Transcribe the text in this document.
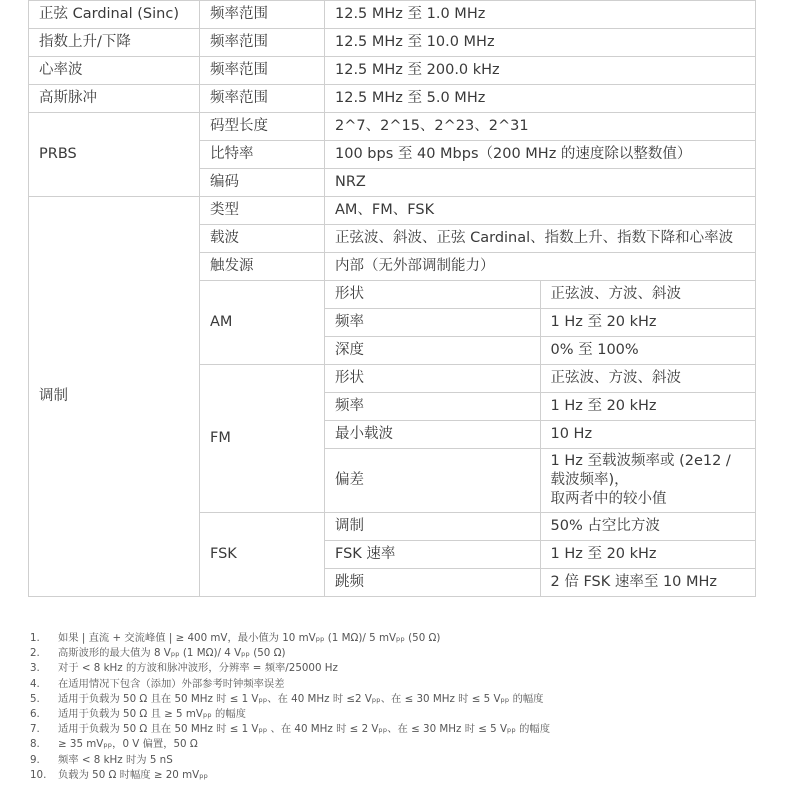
正弦 Cardinal (Sinc)	频率范围	12.5 MHz 至 1.0 MHz	
指数上升/下降	频率范围	12.5 MHz 至 10.0 MHz	
心率波	频率范围	12.5 MHz 至 200.0 kHz	
高斯脉冲	频率范围	12.5 MHz 至 5.0 MHz	
PRBS	码型长度	2^7、2^15、2^23、2^31	
	比特率	100 bps 至 40 Mbps（200 MHz 的速度除以整数值）	
	编码	NRZ	
调制	类型	AM、FM、FSK	
	载波	正弦波、斜波、正弦 Cardinal、指数上升、指数下降和心率波	
	触发源	内部（无外部调制能力）	
	AM	形状	正弦波、方波、斜波
		频率	1 Hz 至 20 kHz
		深度	0% 至 100%
	FM	形状	正弦波、方波、斜波
		频率	1 Hz 至 20 kHz
		最小载波	10 Hz
		偏差	1 Hz 至载波频率或 (2e12 / 载波频率)，
取两者中的较小值

	FSK	调制	50% 占空比方波
		FSK 速率	1 Hz 至 20 kHz
		跳频	2 倍 FSK 速率至 10 MHz
1.	如果 | 直流 + 交流峰值 | ≥ 400 mV，最小值为 10 mVₚₚ (1 MΩ)/ 5 mVₚₚ (50 Ω)
2.	高斯波形的最大值为 8 Vₚₚ (1 MΩ)/ 4 Vₚₚ (50 Ω)
3.	对于 < 8 kHz 的方波和脉冲波形，分辨率 = 频率/25000 Hz
4.	在适用情况下包含（添加）外部参考时钟频率误差
5.	适用于负载为 50 Ω 且在 50 MHz 时 ≤ 1 Vₚₚ、在 40 MHz 时 ≤2 Vₚₚ、在 ≤ 30 MHz 时 ≤ 5 Vₚₚ 的幅度
6.	适用于负载为 50 Ω 且 ≥ 5 mVₚₚ 的幅度
7.	适用于负载为 50 Ω 且在 50 MHz 时 ≤ 1 Vₚₚ 、在 40 MHz 时 ≤ 2 Vₚₚ、在 ≤ 30 MHz 时 ≤ 5 Vₚₚ 的幅度
8.	≥ 35 mVₚₚ，0 V 偏置，50 Ω
9.	频率 < 8 kHz 时为 5 nS
10.	负载为 50 Ω 时幅度 ≥ 20 mVₚₚ
